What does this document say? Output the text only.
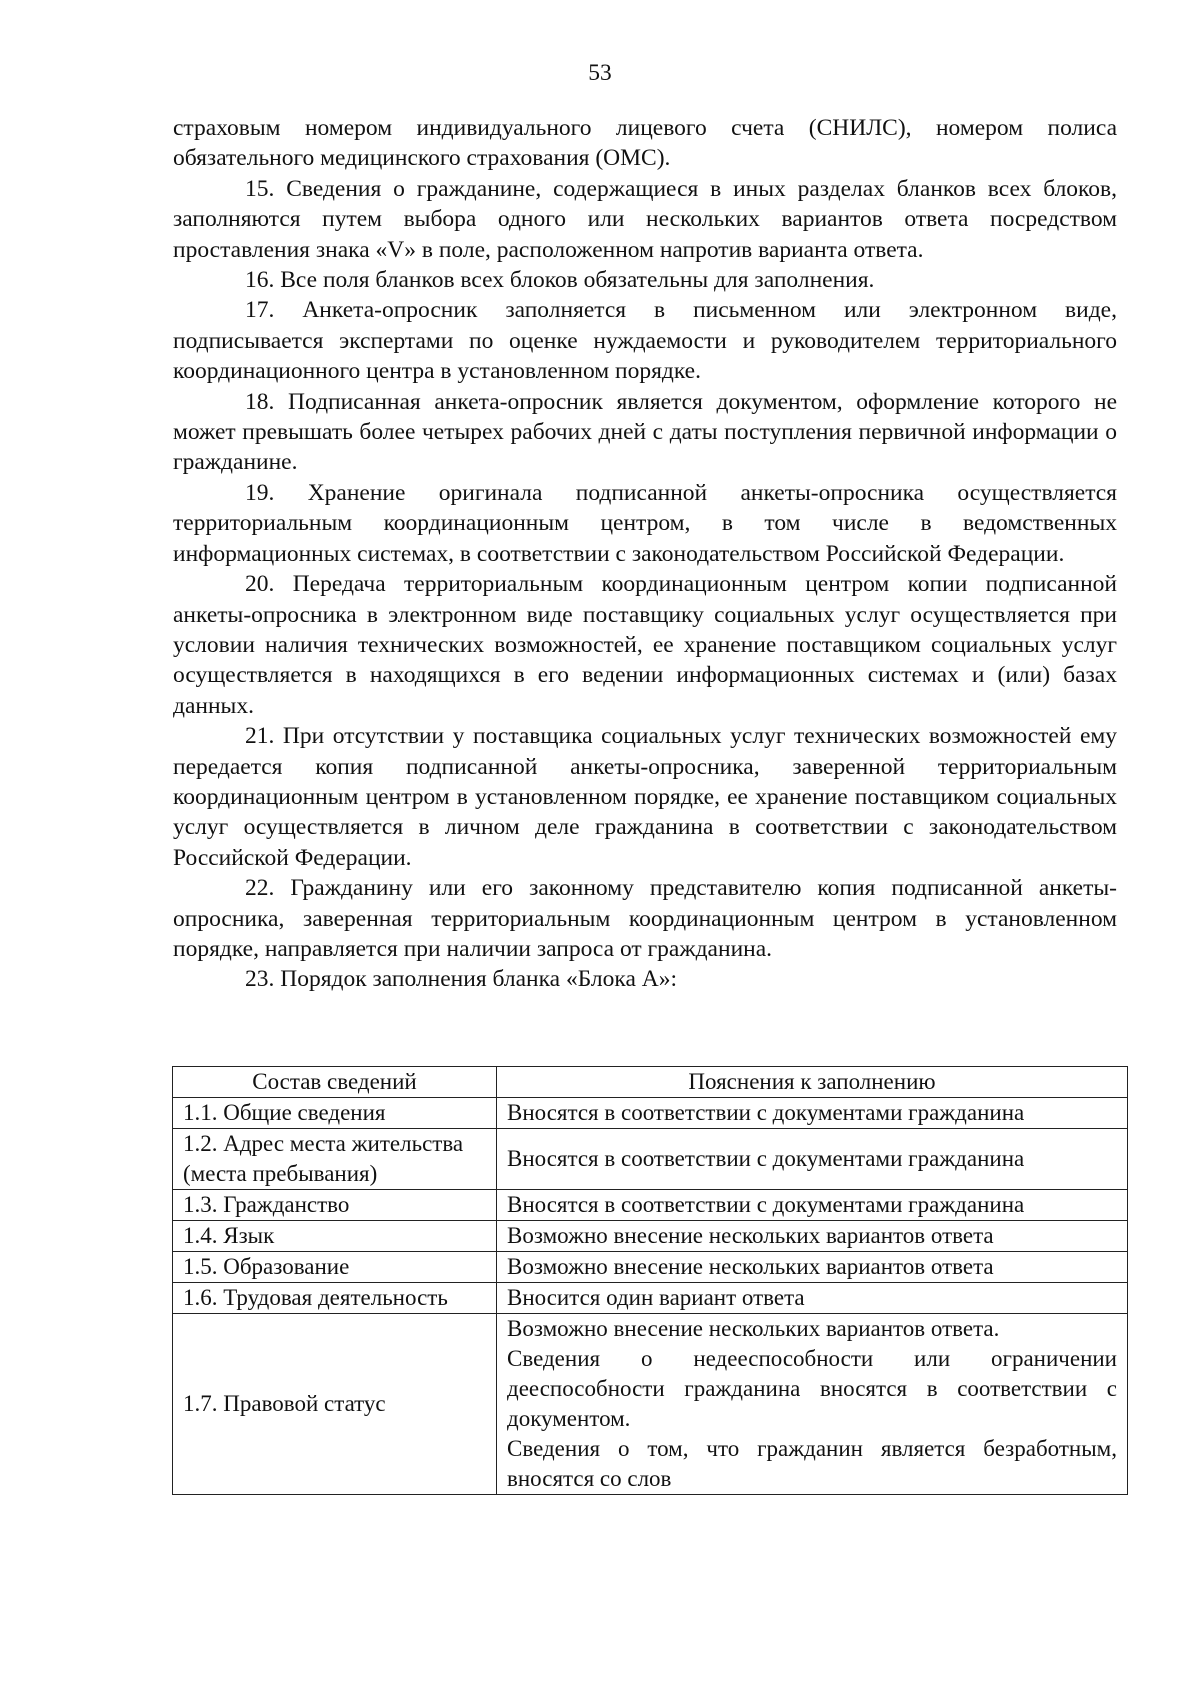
53

страховым номером индивидуального лицевого счета (СНИЛС), номером полиса обязательного медицинского страхования (ОМС).

15. Сведения о гражданине, содержащиеся в иных разделах бланков всех блоков, заполняются путем выбора одного или нескольких вариантов ответа посредством проставления знака «V» в поле, расположенном напротив варианта ответа.

16. Все поля бланков всех блоков обязательны для заполнения.

17. Анкета-опросник заполняется в письменном или электронном виде, подписывается экспертами по оценке нуждаемости и руководителем территориального координационного центра в установленном порядке.

18. Подписанная анкета-опросник является документом, оформление которого не может превышать более четырех рабочих дней с даты поступления первичной информации о гражданине.

19. Хранение оригинала подписанной анкеты-опросника осуществляется территориальным координационным центром, в том числе в ведомственных информационных системах, в соответствии с законодательством Российской Федерации.

20. Передача территориальным координационным центром копии подписанной анкеты-опросника в электронном виде поставщику социальных услуг осуществляется при условии наличия технических возможностей, ее хранение поставщиком социальных услуг осуществляется в находящихся в его ведении информационных системах и (или) базах данных.

21. При отсутствии у поставщика социальных услуг технических возможностей ему передается копия подписанной анкеты-опросника, заверенной территориальным координационным центром в установленном порядке, ее хранение поставщиком социальных услуг осуществляется в личном деле гражданина в соответствии с законодательством Российской Федерации.

22. Гражданину или его законному представителю копия подписанной анкеты-опросника, заверенная территориальным координационным центром в установленном порядке, направляется при наличии запроса от гражданина.

23. Порядок заполнения бланка «Блока А»:

Состав сведений	Пояснения к заполнению
1.1. Общие сведения	Вносятся в соответствии с документами гражданина

1.2. Адрес места жительства (места пребывания)	Вносятся в соответствии с документами гражданина

1.3. Гражданство	Вносятся в соответствии с документами гражданина

1.4. Язык	Возможно внесение нескольких вариантов ответа

1.5. Образование	Возможно внесение нескольких вариантов ответа

1.6. Трудовая деятельность	Вносится один вариант ответа

1.7. Правовой статус	Возможно внесение нескольких вариантов ответа.
Сведения о недееспособности или ограничении дееспособности гражданина вносятся в соответствии с документом.
Сведения о том, что гражданин является безработным, вносятся со слов
